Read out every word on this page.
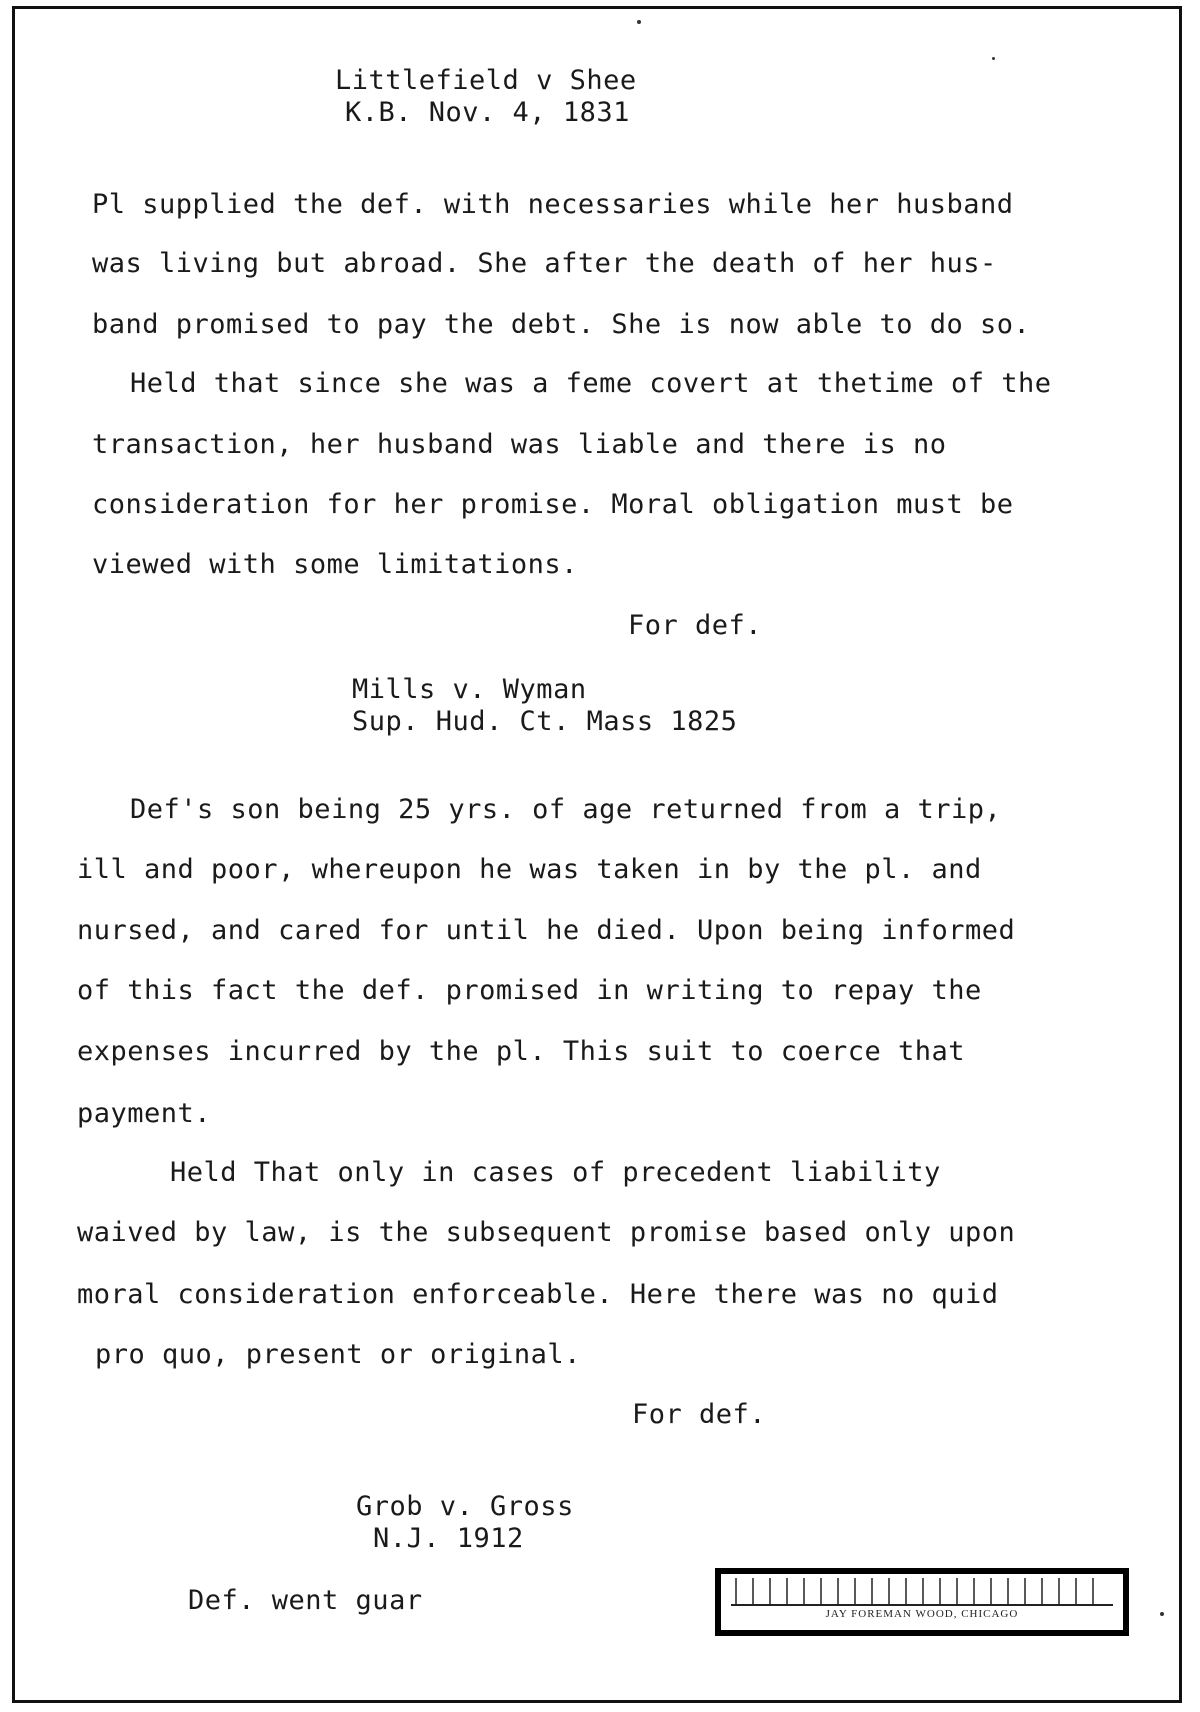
Littlefield v Shee
K.B. Nov. 4, 1831
Pl supplied the def. with necessaries while her husband
was living but abroad. She after the death of her hus-
band promised to pay the debt. She is now able to do so.
Held that since she was a feme covert at thetime of the
transaction, her husband was liable and there is no
consideration for her promise. Moral obligation must be
viewed with some limitations.
For def.
Mills v. Wyman
Sup. Hud. Ct. Mass 1825
Def's son being 25 yrs. of age returned from a trip,
ill and poor, whereupon he was taken in by the pl. and
nursed, and cared for until he died. Upon being informed
of this fact the def. promised in writing to repay the
expenses incurred by the pl. This suit to coerce that
payment.
Held That only in cases of precedent liability
waived by law, is the subsequent promise based only upon
moral consideration enforceable. Here there was no quid
pro quo, present or original.
For def.
Grob v. Gross
N.J. 1912
Def. went guar	JAY FOREMAN WOOD, CHICAGO
